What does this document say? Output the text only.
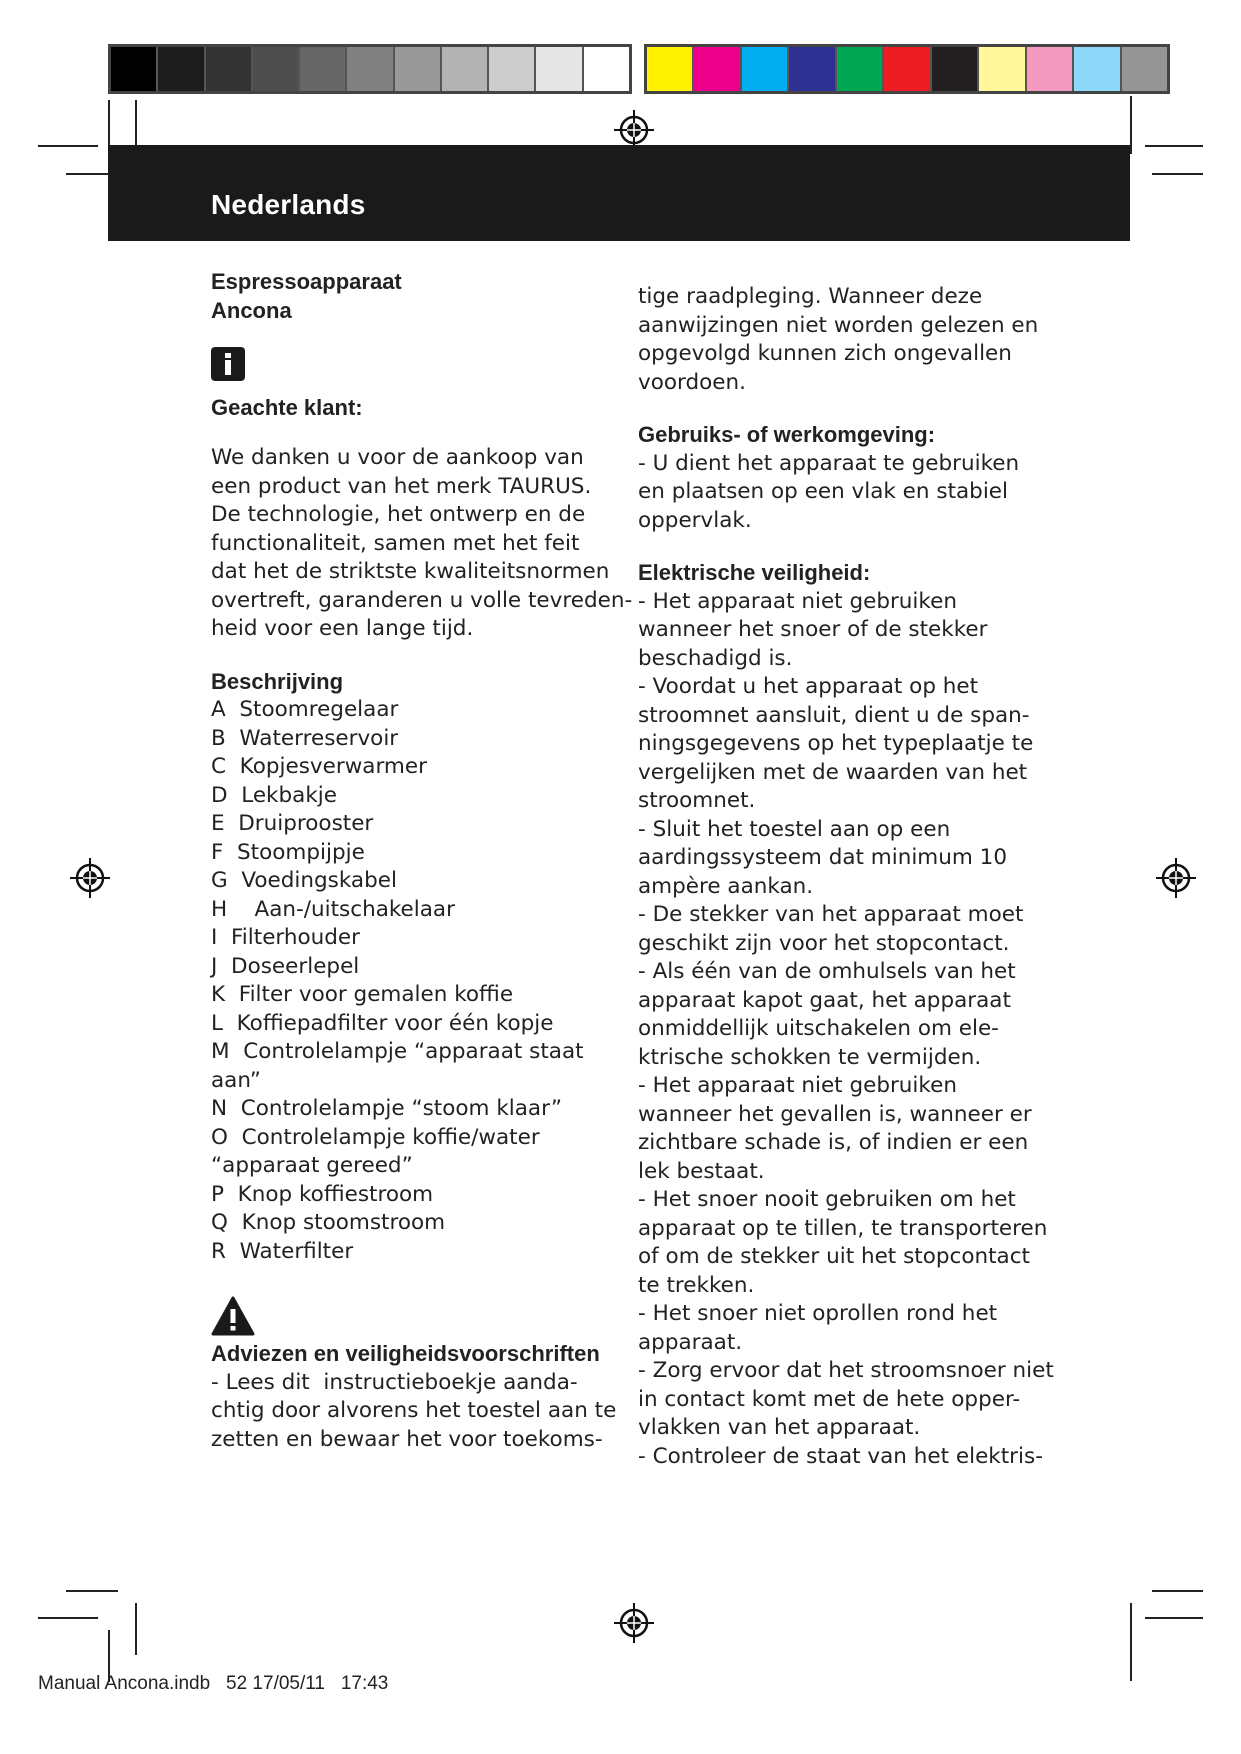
Nederlands
Espressoapparaat
Ancona
Geachte klant:
We danken u voor de aankoop van
een product van het merk TAURUS.
De technologie, het ontwerp en de
functionaliteit, samen met het feit
dat het de striktste kwaliteitsnormen
overtreft, garanderen u volle tevreden-
heid voor een lange tijd.
Beschrijving
A  Stoomregelaar
B  Waterreservoir
C  Kopjesverwarmer
D  Lekbakje
E  Druiprooster
F  Stoompijpje
G  Voedingskabel
H    Aan-/uitschakelaar
I  Filterhouder
J  Doseerlepel
K  Filter voor gemalen koffie
L  Koffiepadfilter voor één kopje
M  Controlelampje “apparaat staat
aan”
N  Controlelampje “stoom klaar”
O  Controlelampje koffie/water
“apparaat gereed”
P  Knop koffiestroom
Q  Knop stoomstroom
R  Waterfilter
Adviezen en veiligheidsvoorschriften
- Lees dit  instructieboekje aanda-
chtig door alvorens het toestel aan te
zetten en bewaar het voor toekoms-
tige raadpleging. Wanneer deze
aanwijzingen niet worden gelezen en
opgevolgd kunnen zich ongevallen
voordoen.
Gebruiks- of werkomgeving:
- U dient het apparaat te gebruiken
en plaatsen op een vlak en stabiel
oppervlak.
Elektrische veiligheid:
- Het apparaat niet gebruiken
wanneer het snoer of de stekker
beschadigd is.
- Voordat u het apparaat op het
stroomnet aansluit, dient u de span-
ningsgegevens op het typeplaatje te
vergelijken met de waarden van het
stroomnet.
- Sluit het toestel aan op een
aardingssysteem dat minimum 10
ampère aankan.
- De stekker van het apparaat moet
geschikt zijn voor het stopcontact.
- Als één van de omhulsels van het
apparaat kapot gaat, het apparaat
onmiddellijk uitschakelen om ele-
ktrische schokken te vermijden.
- Het apparaat niet gebruiken
wanneer het gevallen is, wanneer er
zichtbare schade is, of indien er een
lek bestaat.
- Het snoer nooit gebruiken om het
apparaat op te tillen, te transporteren
of om de stekker uit het stopcontact
te trekken.
- Het snoer niet oprollen rond het
apparaat.
- Zorg ervoor dat het stroomsnoer niet
in contact komt met de hete opper-
vlakken van het apparaat.
- Controleer de staat van het elektris-
Manual Ancona.indb   52 17/05/11   17:43
